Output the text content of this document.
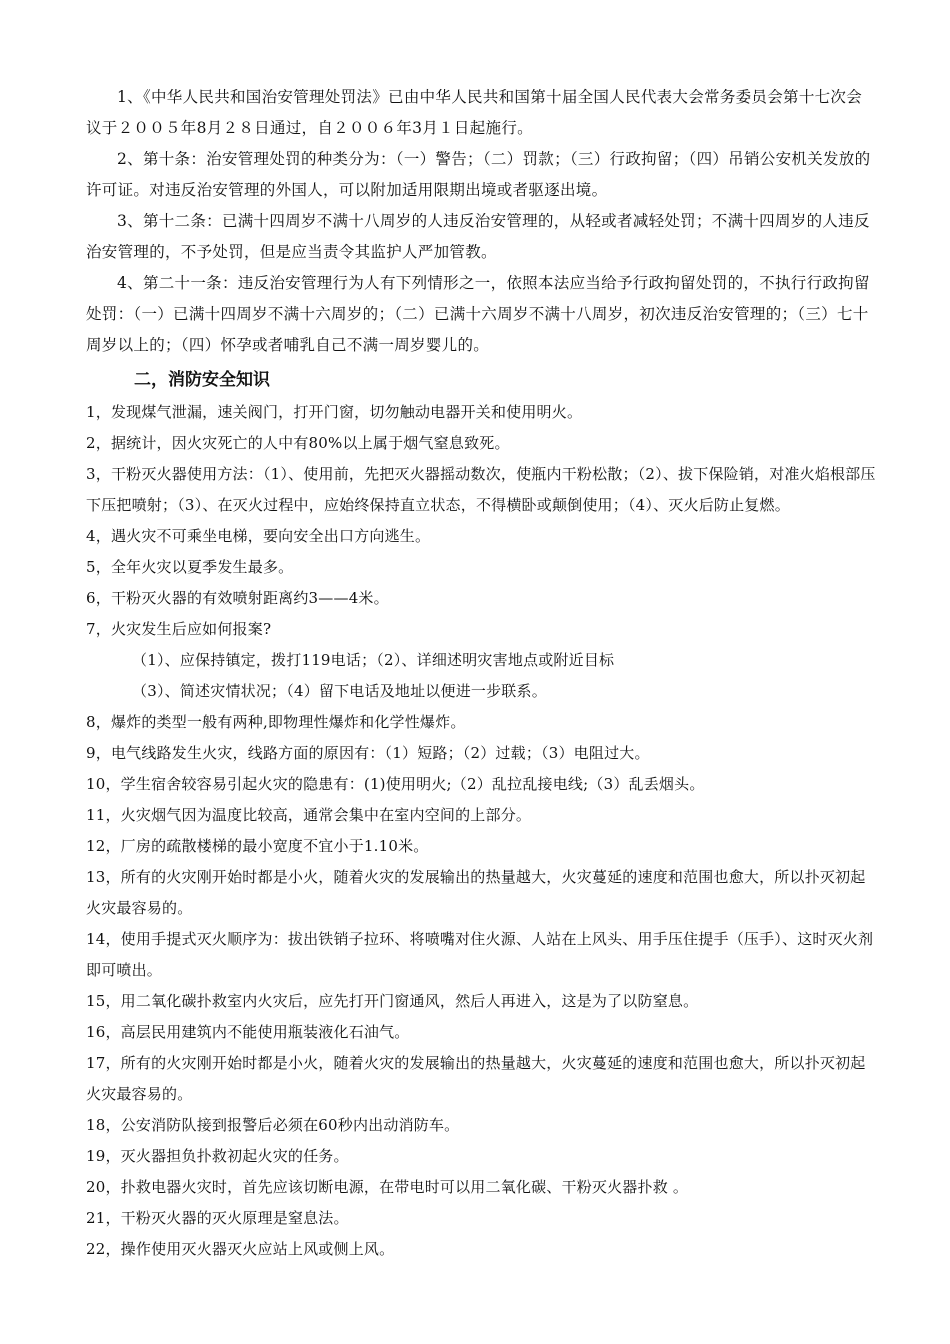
1、《中华人民共和国治安管理处罚法》已由中华人民共和国第十届全国人民代表大会常务委员会第十七次会议于２００５年8月２８日通过，自２００６年3月１日起施行。

2、第十条：治安管理处罚的种类分为：（一）警告；（二）罚款；（三）行政拘留；（四）吊销公安机关发放的许可证。对违反治安管理的外国人，可以附加适用限期出境或者驱逐出境。

3、第十二条：已满十四周岁不满十八周岁的人违反治安管理的，从轻或者减轻处罚；不满十四周岁的人违反治安管理的，不予处罚，但是应当责令其监护人严加管教。

4、第二十一条：违反治安管理行为人有下列情形之一，依照本法应当给予行政拘留处罚的，不执行行政拘留处罚：（一）已满十四周岁不满十六周岁的；（二）已满十六周岁不满十八周岁，初次违反治安管理的；（三）七十周岁以上的；（四）怀孕或者哺乳自己不满一周岁婴儿的。

二，消防安全知识

1，发现煤气泄漏，速关阀门，打开门窗，切勿触动电器开关和使用明火。

2，据统计，因火灾死亡的人中有80%以上属于烟气窒息致死。

3，干粉灭火器使用方法：（1）、使用前，先把灭火器摇动数次，使瓶内干粉松散；（2）、拔下保险销，对准火焰根部压下压把喷射；（3）、在灭火过程中，应始终保持直立状态，不得横卧或颠倒使用；（4）、灭火后防止复燃。

4，遇火灾不可乘坐电梯，要向安全出口方向逃生。

5，全年火灾以夏季发生最多。

6，干粉灭火器的有效喷射距离约3——4米。

7，火灾发生后应如何报案?

（1）、应保持镇定，拨打119电话；（2）、详细述明灾害地点或附近目标

（3）、简述灾情状况；（4）留下电话及地址以便进一步联系。

8，爆炸的类型一般有两种,即物理性爆炸和化学性爆炸。

9，电气线路发生火灾，线路方面的原因有：（1）短路；（2）过载；（3）电阻过大。

10，学生宿舍较容易引起火灾的隐患有：(1)使用明火;（2）乱拉乱接电线;（3）乱丢烟头。

11，火灾烟气因为温度比较高，通常会集中在室内空间的上部分。

12，厂房的疏散楼梯的最小宽度不宜小于1.10米。

13，所有的火灾刚开始时都是小火，随着火灾的发展输出的热量越大，火灾蔓延的速度和范围也愈大，所以扑灭初起火灾最容易的。

14，使用手提式灭火顺序为：拔出铁销子拉环、将喷嘴对住火源、人站在上风头、用手压住提手（压手）、这时灭火剂即可喷出。

15，用二氧化碳扑救室内火灾后，应先打开门窗通风，然后人再进入，这是为了以防窒息。

16，高层民用建筑内不能使用瓶装液化石油气。

17，所有的火灾刚开始时都是小火，随着火灾的发展输出的热量越大，火灾蔓延的速度和范围也愈大，所以扑灭初起火灾最容易的。

18，公安消防队接到报警后必须在60秒内出动消防车。

19，灭火器担负扑救初起火灾的任务。

20，扑救电器火灾时，首先应该切断电源，在带电时可以用二氧化碳、干粉灭火器扑救 。

21，干粉灭火器的灭火原理是窒息法。

22，操作使用灭火器灭火应站上风或侧上风。
